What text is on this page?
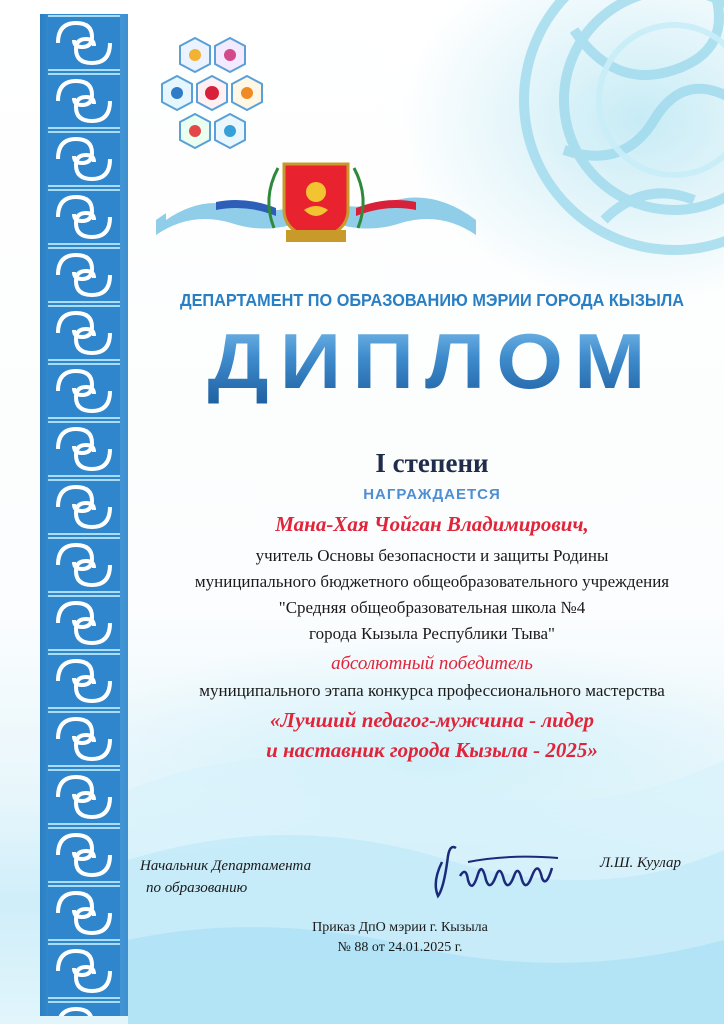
ДЕПАРТАМЕНТ ПО ОБРАЗОВАНИЮ МЭРИИ ГОРОДА КЫЗЫЛА
ДИПЛОМ
I степени
НАГРАЖДАЕТСЯ
Мана-Хая Чойган Владимирович,
учитель Основы безопасности и защиты Родины
муниципального бюджетного общеобразовательного учреждения
"Средняя общеобразовательная школа №4
города Кызыла Республики Тыва"
абсолютный победитель
муниципального этапа конкурса профессионального мастерства
«Лучший педагог-мужчина - лидер
и наставник города Кызыла - 2025»
Начальник Департамента
по образованию
Л.Ш. Куулар
Приказ ДпО мэрии г. Кызыла
№ 88 от 24.01.2025 г.
